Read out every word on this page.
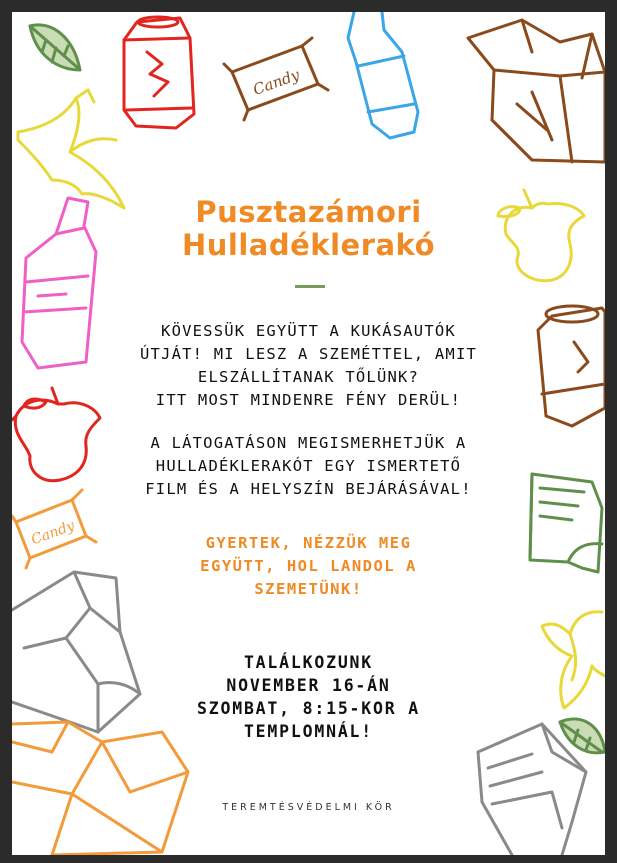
Candy
Candy
Pusztazámori
Hulladéklerakó
KÖVESSÜK EGYÜTT A KUKÁSAUTÓK
ÚTJÁT! MI LESZ A SZEMÉTTEL, AMIT
ELSZÁLLÍTANAK TŐLÜNK?
ITT MOST MINDENRE FÉNY DERÜL!
A LÁTOGATÁSON MEGISMERHETJÜK A
HULLADÉKLERAKÓT EGY ISMERTETŐ
FILM ÉS A HELYSZÍN BEJÁRÁSÁVAL!
GYERTEK, NÉZZÜK MEG
EGYÜTT, HOL LANDOL A
SZEMETÜNK!
TALÁLKOZUNK
NOVEMBER 16-ÁN
SZOMBAT, 8:15-KOR A
TEMPLOMNÁL!
TEREMTÉSVÉDELMI KÖR
